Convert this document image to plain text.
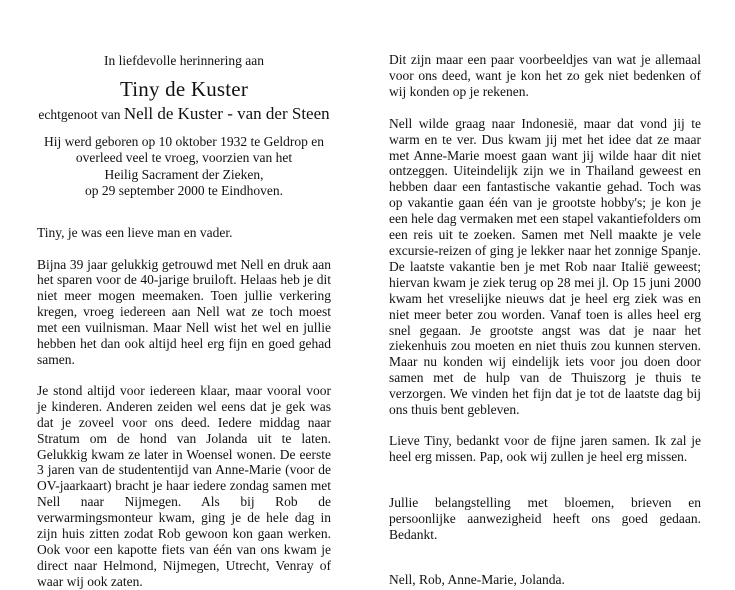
In liefdevolle herinnering aan
Tiny de Kuster
echtgenoot van Nell de Kuster - van der Steen
Hij werd geboren op 10 oktober 1932 te Geldrop en
overleed veel te vroeg, voorzien van het
Heilig Sacrament der Zieken,
op 29 september 2000 te Eindhoven.

Tiny, je was een lieve man en vader.

Bijna 39 jaar gelukkig getrouwd met Nell en druk aan het sparen voor de 40-jarige bruiloft. Helaas heb je dit niet meer mogen meemaken. Toen jullie verkering kregen, vroeg iedereen aan Nell wat ze toch moest met een vuilnisman. Maar Nell wist het wel en jullie hebben het dan ook altijd heel erg fijn en goed gehad samen.

Je stond altijd voor iedereen klaar, maar vooral voor je kinderen. Anderen zeiden wel eens dat je gek was dat je zoveel voor ons deed. Iedere middag naar Stratum om de hond van Jolanda uit te laten. Gelukkig kwam ze later in Woensel wonen. De eerste 3 jaren van de studententijd van Anne-Marie (voor de OV-jaarkaart) bracht je haar iedere zondag samen met Nell naar Nijmegen. Als bij Rob de verwarmingsmonteur kwam, ging je de hele dag in zijn huis zitten zodat Rob gewoon kon gaan werken. Ook voor een kapotte fiets van één van ons kwam je direct naar Helmond, Nijmegen, Utrecht, Venray of waar wij ook zaten.

Dit zijn maar een paar voorbeeldjes van wat je allemaal voor ons deed, want je kon het zo gek niet bedenken of wij konden op je rekenen.

Nell wilde graag naar Indonesië, maar dat vond jij te warm en te ver. Dus kwam jij met het idee dat ze maar met Anne-Marie moest gaan want jij wilde haar dit niet ontzeggen. Uiteindelijk zijn we in Thailand geweest en hebben daar een fantastische vakantie gehad. Toch was op vakantie gaan één van je grootste hobby's; je kon je een hele dag vermaken met een stapel vakantiefolders om een reis uit te zoeken. Samen met Nell maakte je vele excursie-reizen of ging je lekker naar het zonnige Spanje. De laatste vakantie ben je met Rob naar Italië geweest; hiervan kwam je ziek terug op 28 mei jl. Op 15 juni 2000 kwam het vreselijke nieuws dat je heel erg ziek was en niet meer beter zou worden. Vanaf toen is alles heel erg snel gegaan. Je grootste angst was dat je naar het ziekenhuis zou moeten en niet thuis zou kunnen sterven. Maar nu konden wij eindelijk iets voor jou doen door samen met de hulp van de Thuiszorg je thuis te verzorgen. We vinden het fijn dat je tot de laatste dag bij ons thuis bent gebleven.

Lieve Tiny, bedankt voor de fijne jaren samen. Ik zal je heel erg missen. Pap, ook wij zullen je heel erg missen.

Jullie belangstelling met bloemen, brieven en persoonlijke aanwezigheid heeft ons goed gedaan. Bedankt.

Nell, Rob, Anne-Marie, Jolanda.
